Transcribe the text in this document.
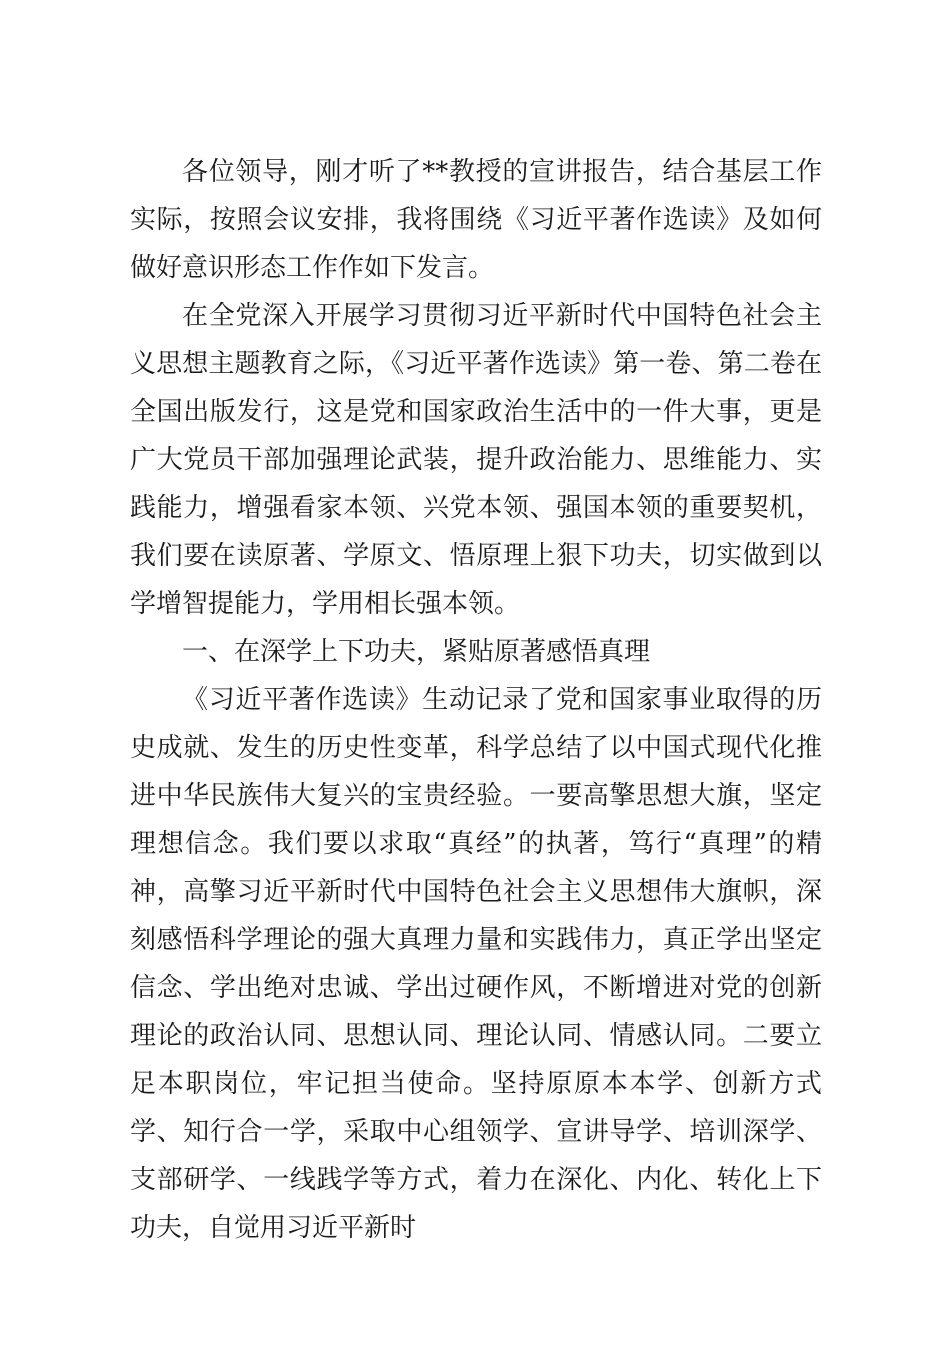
各位领导，刚才听了**教授的宣讲报告，结合基层工作实际，按照会议安排，我将围绕《习近平著作选读》及如何做好意识形态工作作如下发言。

在全党深入开展学习贯彻习近平新时代中国特色社会主义思想主题教育之际，《习近平著作选读》第一卷、第二卷在全国出版发行，这是党和国家政治生活中的一件大事，更是广大党员干部加强理论武装，提升政治能力、思维能力、实践能力，增强看家本领、兴党本领、强国本领的重要契机，我们要在读原著、学原文、悟原理上狠下功夫，切实做到以学增智提能力，学用相长强本领。

一、在深学上下功夫，紧贴原著感悟真理

《习近平著作选读》生动记录了党和国家事业取得的历史成就、发生的历史性变革，科学总结了以中国式现代化推进中华民族伟大复兴的宝贵经验。一要高擎思想大旗，坚定理想信念。我们要以求取“真经”的执著，笃行“真理”的精神，高擎习近平新时代中国特色社会主义思想伟大旗帜，深刻感悟科学理论的强大真理力量和实践伟力，真正学出坚定信念、学出绝对忠诚、学出过硬作风，不断增进对党的创新理论的政治认同、思想认同、理论认同、情感认同。二要立足本职岗位，牢记担当使命。坚持原原本本学、创新方式学、知行合一学，采取中心组领学、宣讲导学、培训深学、支部研学、一线践学等方式，着力在深化、内化、转化上下功夫，自觉用习近平新时
